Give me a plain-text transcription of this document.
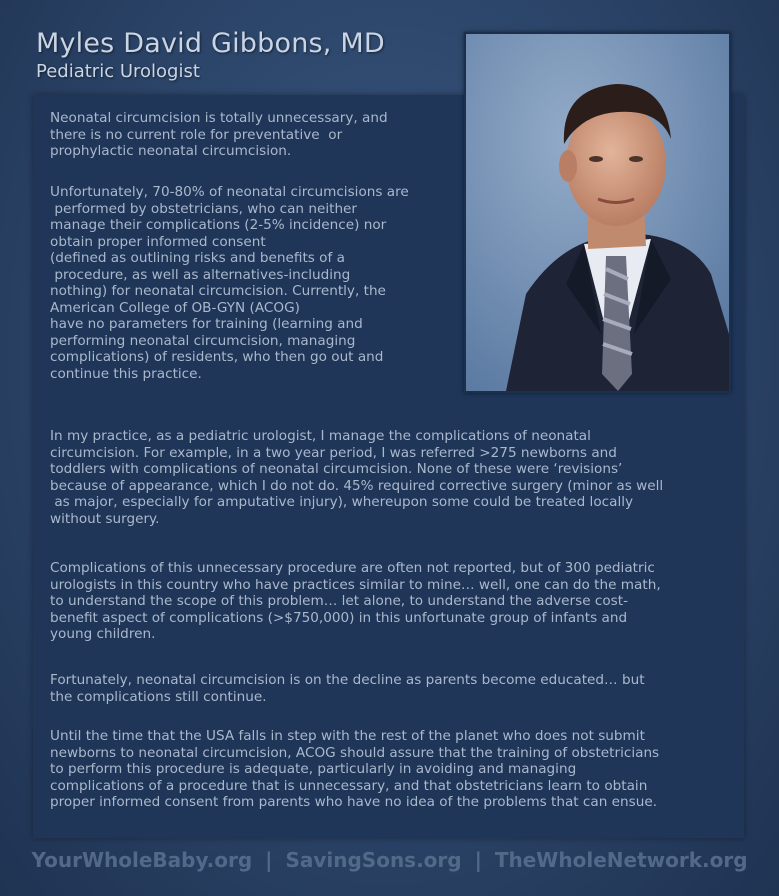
Myles David Gibbons, MD
Pediatric Urologist

Neonatal circumcision is totally unnecessary, and
there is no current role for preventative  or
prophylactic neonatal circumcision.

Unfortunately, 70-80% of neonatal circumcisions are
performed by obstetricians, who can neither
manage their complications (2-5% incidence) nor
obtain proper informed consent
(defined as outlining risks and benefits of a
procedure, as well as alternatives-including
nothing) for neonatal circumcision. Currently, the
American College of OB-GYN (ACOG)
have no parameters for training (learning and
performing neonatal circumcision, managing
complications) of residents, who then go out and
continue this practice.

In my practice, as a pediatric urologist, I manage the complications of neonatal
circumcision. For example, in a two year period, I was referred >275 newborns and
toddlers with complications of neonatal circumcision. None of these were ‘revisions’
because of appearance, which I do not do. 45% required corrective surgery (minor as well
as major, especially for amputative injury), whereupon some could be treated locally
without surgery.

Complications of this unnecessary procedure are often not reported, but of 300 pediatric
urologists in this country who have practices similar to mine… well, one can do the math,
to understand the scope of this problem… let alone, to understand the adverse cost-
benefit aspect of complications (>$750,000) in this unfortunate group of infants and
young children.

Fortunately, neonatal circumcision is on the decline as parents become educated… but
the complications still continue.

Until the time that the USA falls in step with the rest of the planet who does not submit
newborns to neonatal circumcision, ACOG should assure that the training of obstetricians
to perform this procedure is adequate, particularly in avoiding and managing
complications of a procedure that is unnecessary, and that obstetricians learn to obtain
proper informed consent from parents who have no idea of the problems that can ensue.

YourWholeBaby.org | SavingSons.org | TheWholeNetwork.org
